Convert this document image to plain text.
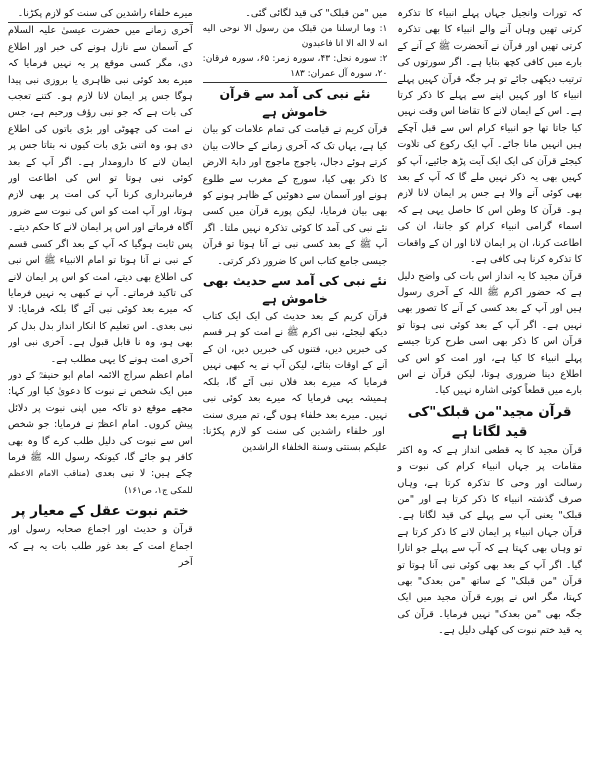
کہ تورات وانجیل جہاں پہلے انبیاء کا تذکرہ کرتی تھیں وہاں آنے والے انبیاء کا بھی تذکرہ کرتی تھیں اور قرآن نے آنحضرت ﷺ کے آنے کے بارے میں کافی کچھ بتایا ہے۔ اگر سورتوں کی ترتیب دیکھی جائے تو ہر جگہ قرآن کہیں پہلے انبیاء کا اور کہیں اپنے سے پہلے کا ذکر کرتا ہے۔ اس کے ایمان لانے کا تقاضا اس وقت نہیں کیا جاتا تھا جو انبیاء کرام اس سے قبل آچکے ہیں انہیں مانا جائے۔ آپ ایک رکوع کی تلاوت کیجئے قرآن کی ایک ایک آیت پڑھ جائیے، آپ کو کہیں بھی یہ ذکر نہیں ملے گا کہ آپ کے بعد بھی کوئی آنے والا ہے جس پر ایمان لانا لازم ہو۔ قرآن کا وطن اس کا حاصل یہی ہے کہ اسماء گرامی انبیاء کرام کو جاننا، ان کی اطاعت کرنا، ان پر ایمان لانا اور ان کے واقعات کا تذکرہ کرنا ہی کافی ہے۔

قرآن مجید کا یہ انداز اس بات کی واضح دلیل ہے کہ حضور اکرم ﷺ اللہ کے آخری رسول ہیں اور آپ کے بعد کسی کے آنے کا تصور بھی نہیں ہے۔ اگر آپ کے بعد کوئی نبی ہوتا تو قرآن اس کا ذکر بھی اسی طرح کرتا جیسے پہلے انبیاء کا کیا ہے، اور امت کو اس کی اطلاع دینا ضروری ہوتا، لیکن قرآن نے اس بارے میں قطعاً کوئی اشارہ نہیں کیا۔

قرآن مجید"من قبلک"کی قید لگاتا ہے

قرآن مجید کا یہ قطعی انداز ہے کہ وہ اکثر مقامات پر جہاں انبیاء کرام کی نبوت و رسالت اور وحی کا تذکرہ کرتا ہے، وہاں صرف گذشتہ انبیاء کا ذکر کرتا ہے اور "من قبلک" یعنی آپ سے پہلے کی قید لگاتا ہے۔ قرآن جہاں انبیاء پر ایمان لانے کا ذکر کرتا ہے تو وہاں بھی کہتا ہے کہ آپ سے پہلے جو اتارا گیا۔ اگر آپ کے بعد بھی کوئی نبی آنا ہوتا تو قرآن "من قبلک" کے ساتھ "من بعدک" بھی کہتا، مگر اس نے پورے قرآن مجید میں ایک جگہ بھی "من بعدک" نہیں فرمایا۔ قرآن کی یہ قید ختم نبوت کی کھلی دلیل ہے۔

میں "من قبلک" کی قید لگائی گئی۔

۱: وما ارسلنا من قبلک من رسول الا نوحی الیه انه لا اله الا انا فاعبدون

۲: سورہ نحل: ۴۳، سورہ زمر: ۶۵، سورہ فرقان: ۲۰، سورہ آل عمران: ۱۸۳

نئے نبی کی آمد سے قرآن خاموش ہے

قرآن کریم نے قیامت کی تمام علامات کو بیان کیا ہے، یہاں تک کہ آخری زمانے کے حالات بیان کرتے ہوئے دجال، یاجوج ماجوج اور دابۃ الارض کا ذکر بھی کیا، سورج کے مغرب سے طلوع ہونے اور آسمان سے دھوئیں کے ظاہر ہونے کو بھی بیان فرمایا، لیکن پورے قرآن میں کسی نئے نبی کی آمد کا کوئی تذکرہ نہیں ملتا۔ اگر آپ ﷺ کے بعد کسی نبی نے آنا ہوتا تو قرآن جیسی جامع کتاب اس کا ضرور ذکر کرتی۔

نئے نبی کی آمد سے حدیث بھی خاموش ہے

قرآن کریم کے بعد حدیث کی ایک ایک کتاب دیکھ لیجئے، نبی اکرم ﷺ نے امت کو ہر قسم کی خبریں دیں، فتنوں کی خبریں دیں، ان کے آنے کے اوقات بتائے، لیکن آپ نے یہ کبھی نہیں فرمایا کہ میرے بعد فلاں نبی آئے گا، بلکہ ہمیشہ یہی فرمایا کہ میرے بعد کوئی نبی نہیں۔ میرے بعد خلفاء ہوں گے، تم میری سنت اور خلفاء راشدین کی سنت کو لازم پکڑنا: علیکم بسنتی وسنة الخلفاء الراشدین

میرے خلفاء راشدین کی سنت کو لازم پکڑنا۔

آخری زمانے میں حضرت عیسیٰ علیہ السلام کے آسمان سے نازل ہونے کی خبر اور اطلاع دی، مگر کسی موقع پر یہ نہیں فرمایا کہ میرے بعد کوئی نبی ظاہری یا بروزی نبی پیدا ہوگا جس پر ایمان لانا لازم ہو۔ کتنے تعجب کی بات ہے کہ جو نبی رؤف ورحیم ہے، جس نے امت کی چھوٹی اور بڑی باتوں کی اطلاع دی ہو، وہ اتنی بڑی بات کیوں نہ بتاتا جس پر ایمان لانے کا دارومدار ہے۔ اگر آپ کے بعد کوئی نبی ہوتا تو اس کی اطاعت اور فرمانبرداری کرنا آپ کی امت پر بھی لازم ہوتا، اور آپ امت کو اس کی نبوت سے ضرور آگاہ فرماتے اور اس پر ایمان لانے کا حکم دیتے۔

پس ثابت ہوگیا کہ آپ کے بعد اگر کسی قسم کے نبی نے آنا ہوتا تو امام الانبیاء ﷺ اس نبی کی اطلاع بھی دیتے، امت کو اس پر ایمان لانے کی تاکید فرماتے۔ آپ نے کبھی یہ نہیں فرمایا کہ میرے بعد کوئی نبی آئے گا بلکہ فرمایا: لا نبی بعدی۔ اس تعلیم کا انکار انداز بدل بدل کر بھی ہو، وہ نا قابل قبول ہے۔ آخری نبی اور آخری امت ہونے کا یہی مطلب ہے۔

امام اعظم سراج الائمہ امام ابو حنیفہؒ کے دور میں ایک شخص نے نبوت کا دعویٰ کیا اور کہا: مجھے موقع دو تاکہ میں اپنی نبوت پر دلائل پیش کروں۔ امام اعظمؒ نے فرمایا: جو شخص اس سے نبوت کی دلیل طلب کرے گا وہ بھی کافر ہو جائے گا، کیونکہ رسول اللہ ﷺ فرما چکے ہیں: لا نبی بعدی (مناقب الامام الاعظم للمکی ج۱، ص۱۶۱)

ختم نبوت عقل کے معیار پر

قرآن و حدیث اور اجماع صحابہ رسول اور اجماع امت کے بعد غور طلب بات یہ ہے کہ آخر
